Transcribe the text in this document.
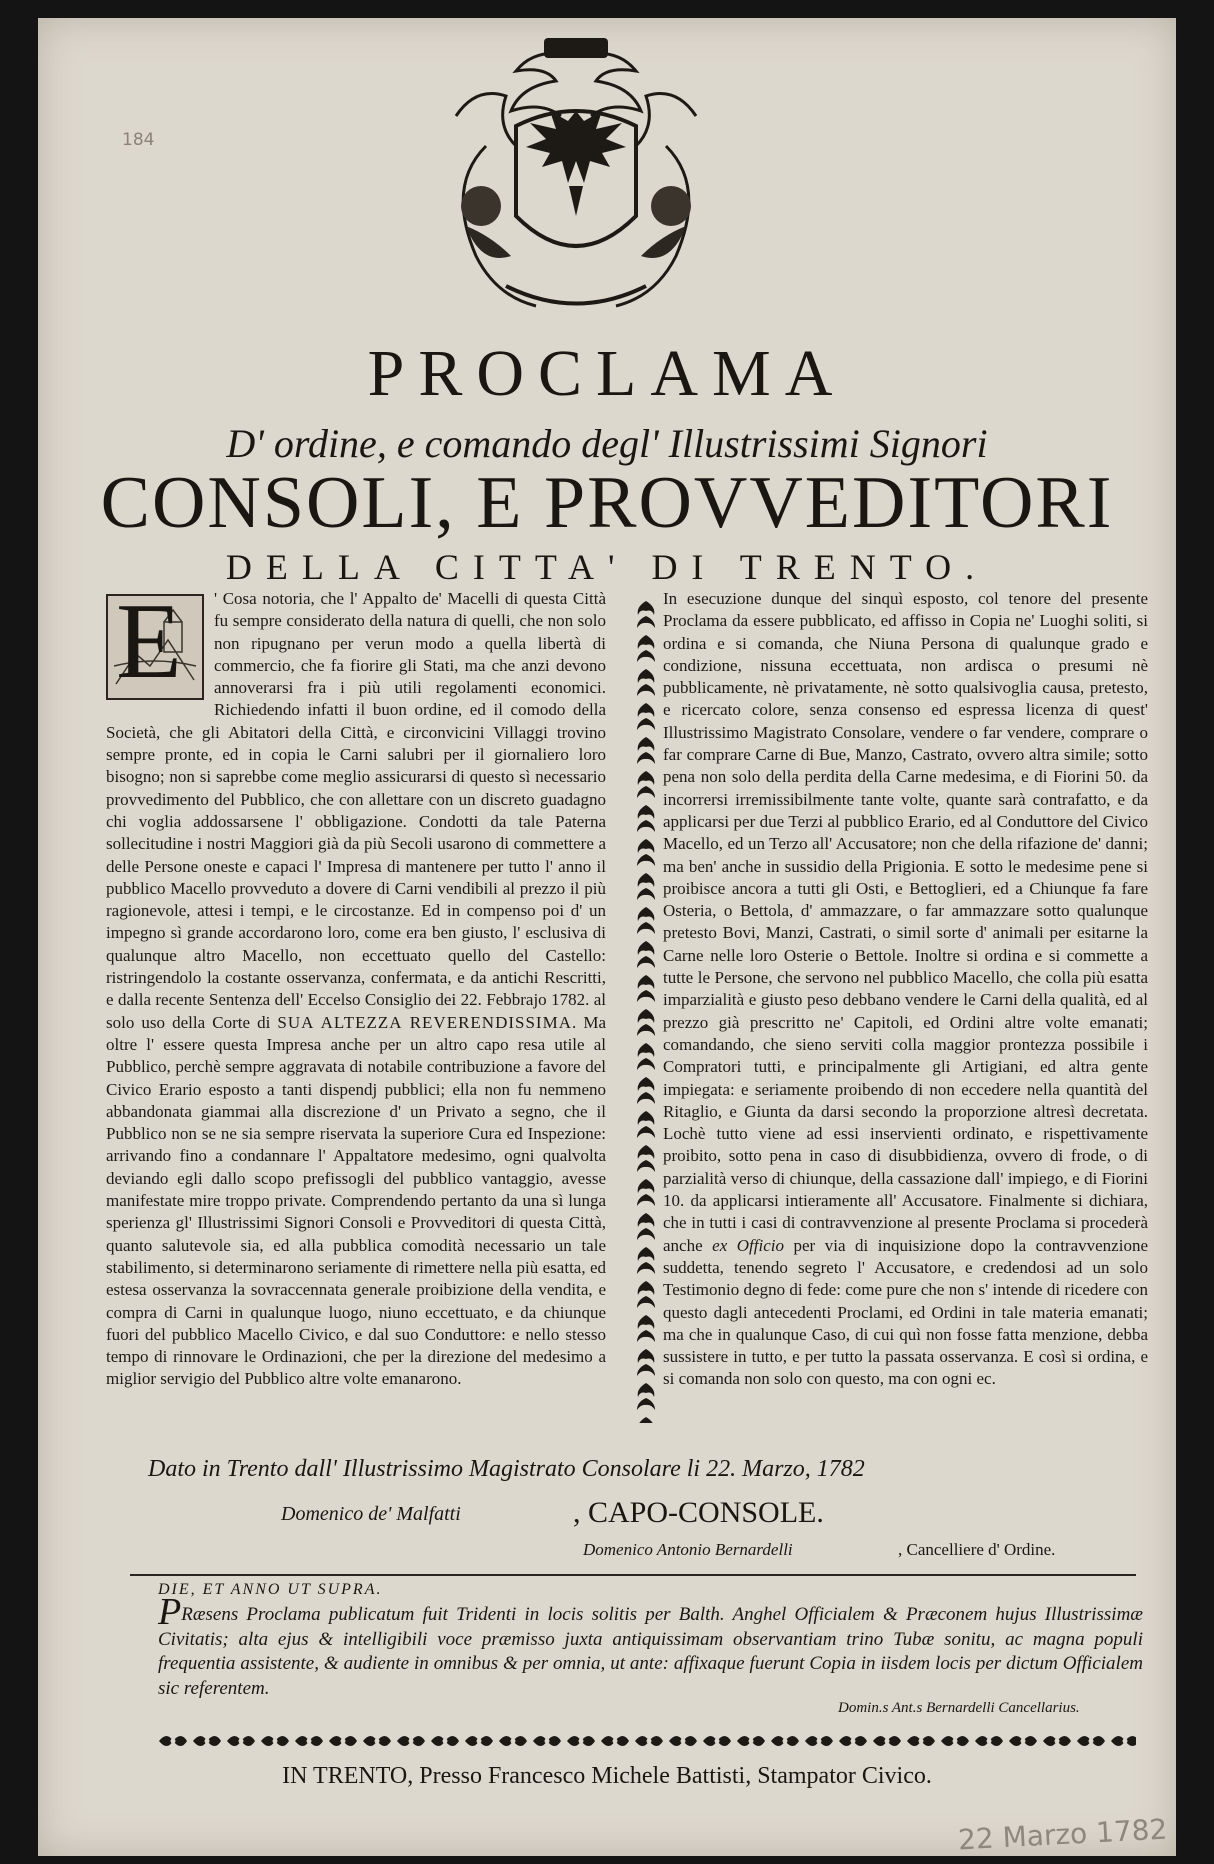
184
PROCLAMA
D' ordine, e comando degl' Illustrissimi Signori
CONSOLI, E PROVVEDITORI
DELLA CITTA' DI TRENTO.
E ' Cosa notoria, che l' Appalto de' Macelli di questa Città fu sempre considerato della natura di quelli, che non solo non ripugnano per verun modo a quella libertà di commercio, che fa fiorire gli Stati, ma che anzi devono annoverarsi fra i più utili regolamenti economici. Richiedendo infatti il buon ordine, ed il comodo della Società, che gli Abitatori della Città, e circonvicini Villaggi trovino sempre pronte, ed in copia le Carni salubri per il giornaliero loro bisogno; non si saprebbe come meglio assicurarsi di questo sì necessario provvedimento del Pubblico, che con allettare con un discreto guadagno chi voglia addossarsene l' obbligazione. Condotti da tale Paterna sollecitudine i nostri Maggiori già da più Secoli usarono di commettere a delle Persone oneste e capaci l' Impresa di mantenere per tutto l' anno il pubblico Macello provveduto a dovere di Carni vendibili al prezzo il più ragionevole, attesi i tempi, e le circostanze. Ed in compenso poi d' un impegno sì grande accordarono loro, come era ben giusto, l' esclusiva di qualunque altro Macello, non eccettuato quello del Castello: ristringendolo la costante osservanza, confermata, e da antichi Rescritti, e dalla recente Sentenza dell' Eccelso Consiglio dei 22. Febbrajo 1782. al solo uso della Corte di SUA ALTEZZA REVERENDISSIMA. Ma oltre l' essere questa Impresa anche per un altro capo resa utile al Pubblico, perchè sempre aggravata di notabile contribuzione a favore del Civico Erario esposto a tanti dispendj pubblici; ella non fu nemmeno abbandonata giammai alla discrezione d' un Privato a segno, che il Pubblico non se ne sia sempre riservata la superiore Cura ed Inspezione: arrivando fino a condannare l' Appaltatore medesimo, ogni qualvolta deviando egli dallo scopo prefissogli del pubblico vantaggio, avesse manifestate mire troppo private. Comprendendo pertanto da una sì lunga sperienza gl' Illustrissimi Signori Consoli e Provveditori di questa Città, quanto salutevole sia, ed alla pubblica comodità necessario un tale stabilimento, si determinarono seriamente di rimettere nella più esatta, ed estesa osservanza la sovraccennata generale proibizione della vendita, e compra di Carni in qualunque luogo, niuno eccettuato, e da chiunque fuori del pubblico Macello Civico, e dal suo Conduttore: e nello stesso tempo di rinnovare le Ordinazioni, che per la direzione del medesimo a miglior servigio del Pubblico altre volte emanarono.
In esecuzione dunque del sinquì esposto, col tenore del presente Proclama da essere pubblicato, ed affisso in Copia ne' Luoghi soliti, si ordina e si comanda, che Niuna Persona di qualunque grado e condizione, nissuna eccettuata, non ardisca o presumi nè pubblicamente, nè privatamente, nè sotto qualsivoglia causa, pretesto, e ricercato colore, senza consenso ed espressa licenza di quest' Illustrissimo Magistrato Consolare, vendere o far vendere, comprare o far comprare Carne di Bue, Manzo, Castrato, ovvero altra simile; sotto pena non solo della perdita della Carne medesima, e di Fiorini 50. da incorrersi irremissibilmente tante volte, quante sarà contrafatto, e da applicarsi per due Terzi al pubblico Erario, ed al Conduttore del Civico Macello, ed un Terzo all' Accusatore; non che della rifazione de' danni; ma ben' anche in sussidio della Prigionia. E sotto le medesime pene si proibisce ancora a tutti gli Osti, e Bettoglieri, ed a Chiunque fa fare Osteria, o Bettola, d' ammazzare, o far ammazzare sotto qualunque pretesto Bovi, Manzi, Castrati, o simil sorte d' animali per esitarne la Carne nelle loro Osterie o Bettole. Inoltre si ordina e si commette a tutte le Persone, che servono nel pubblico Macello, che colla più esatta imparzialità e giusto peso debbano vendere le Carni della qualità, ed al prezzo già prescritto ne' Capitoli, ed Ordini altre volte emanati; comandando, che sieno serviti colla maggior prontezza possibile i Compratori tutti, e principalmente gli Artigiani, ed altra gente impiegata: e seriamente proibendo di non eccedere nella quantità del Ritaglio, e Giunta da darsi secondo la proporzione altresì decretata. Lochè tutto viene ad essi inservienti ordinato, e rispettivamente proibito, sotto pena in caso di disubbidienza, ovvero di frode, o di parzialità verso di chiunque, della cassazione dall' impiego, e di Fiorini 10. da applicarsi intieramente all' Accusatore. Finalmente si dichiara, che in tutti i casi di contravvenzione al presente Proclama si procederà anche ex Officio per via di inquisizione dopo la contravvenzione suddetta, tenendo segreto l' Accusatore, e credendosi ad un solo Testimonio degno di fede: come pure che non s' intende di ricedere con questo dagli antecedenti Proclami, ed Ordini in tale materia emanati; ma che in qualunque Caso, di cui quì non fosse fatta menzione, debba sussistere in tutto, e per tutto la passata osservanza. E così si ordina, e si comanda non solo con questo, ma con ogni ec.
Dato in Trento dall' Illustrissimo Magistrato Consolare li 22. Marzo, 1782
Domenico de' Malfatti	, CAPO-CONSOLE.
Domenico Antonio Bernardelli	, Cancelliere d' Ordine.
DIE, ET ANNO UT SUPRA.
PRæsens Proclama publicatum fuit Tridenti in locis solitis per Balth. Anghel Officialem & Præconem hujus Illustrissimæ Civitatis; alta ejus & intelligibili voce præmisso juxta antiquissimam observantiam trino Tubæ sonitu, ac magna populi frequentia assistente, & audiente in omnibus & per omnia, ut ante: affixaque fuerunt Copia in iisdem locis per dictum Officialem sic referentem.
Domin.s Ant.s Bernardelli Cancellarius.
IN TRENTO, Presso Francesco Michele Battisti, Stampator Civico.
22 Marzo 1782
